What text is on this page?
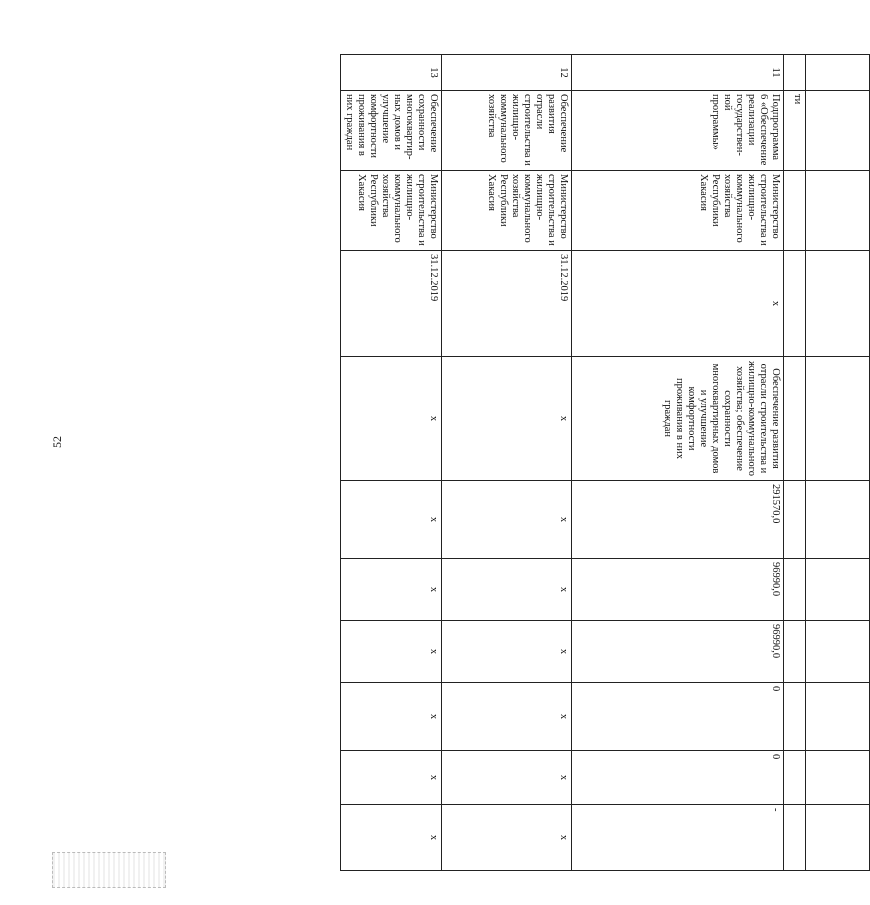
52

	ти									
11	Подпрограмма 6 «Обеспечение реализации государствен-ной программы»	Министерство строительства и жилищно-коммунального хозяйства Республики Хакасия	x	Обеспечение развития отрасли строительства и жилищно-коммунального хозяйства; обеспечение сохранности многоквартирных домов и улучшение комфортности проживания в них граждан	291570,0	96990,0	96990,0	0	0	-
12	Обеспечение развития отрасли строительства и жилищно-коммунального хозяйства	Министерство строительства и жилищно-коммунального хозяйства Республики Хакасия	31.12.2019	x	x	x	x	x	x	x
13	Обеспечение сохранности многоквартир-ных домов и улучшение комфортности проживания в них граждан	Министерство строительства и жилищно-коммунального хозяйства Республики Хакасия	31.12.2019	x	x	x	x	x	x	x
